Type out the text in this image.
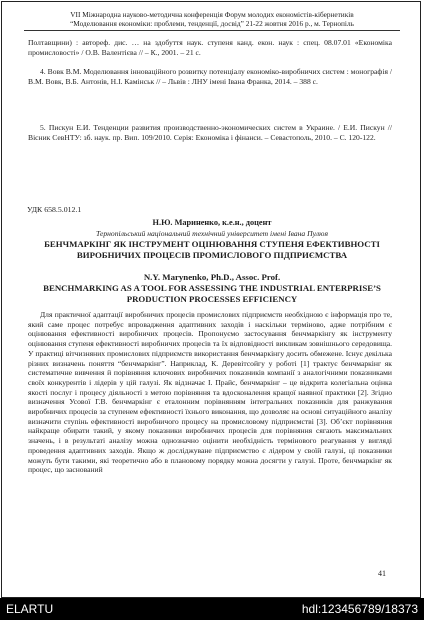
VII Міжнародна науково-методична конференція Форум молодих економістів-кібернетиків
“Моделювання економіки: проблеми, тенденції, досвід” 21-22 жовтня 2016 р., м. Тернопіль
Полтавщини) : автореф. дис. … на здобуття наук. ступеня канд. екон. наук : спец. 08.07.01 «Економіка промисловості» / О.В. Валентієва // – К., 2001. – 21 с.
4. Вовк В.М. Моделювання інноваційного розвитку потенціалу економіко-виробничих систем : монографія / В.М. Вовк, В.Б. Антонів, Н.І. Камінськ // – Львів : ЛНУ імені Івана Франка, 2014. – 388 с.
5. Пискун Е.И. Тенденции развития производственно-экономических систем в Украине. / Е.И. Пискун // Вісник СевНТУ: зб. наук. пр. Вип. 109/2010. Серія: Економіка і фінанси. – Севастополь, 2010. – С. 120-122.
УДК 658.5.012.1
Н.Ю. Мариненко, к.е.н., доцент
Тернопільський національний технічний університет імені Івана Пулюя
БЕНЧМАРКІНГ ЯК ІНСТРУМЕНТ ОЦІНЮВАННЯ СТУПЕНЯ ЕФЕКТИВНОСТІ ВИРОБНИЧИХ ПРОЦЕСІВ ПРОМИСЛОВОГО ПІДПРИЄМСТВА
N.Y. Marynenko, Ph.D., Assoc. Prof.
BENCHMARKING AS A TOOL FOR ASSESSING THE INDUSTRIAL ENTERPRISE’S PRODUCTION PROCESSES EFFICIENCY
Для практичної адаптації виробничих процесів промислових підприємств необхідною є інформація про те, який саме процес потребує впровадження адаптивних заходів і наскільки терміново, адже потрібним є оцінювання ефективності виробничих процесів. Пропонуємо застосування бенчмаркінгу як інструменту оцінювання ступеня ефективності виробничих процесів та їх відповідності викликам зовнішнього середовища. У практиці вітчизняних промислових підприємств використання бенчмаркінгу досить обмежене. Існує декілька різних визначень поняття “бенчмаркінг”. Наприклад, К. Деревітсойгу у роботі [1] трактує бенчмаркінг як систематичне вивчення й порівняння ключових виробничих показників компанії з аналогічними показниками своїх конкурентів і лідерів у цій галузі. Як відзначає І. Прайс, бенчмаркінг – це відкрита колегіальна оцінка якості послуг і процесу діяльності з метою порівняння та вдосконалення кращої наявної практики [2]. Згідно визначення Усової Г.В. бенчмаркінг є еталонним порівнянням інтегральних показників для ранжування виробничих процесів за ступенем ефективності їхнього виконання, що дозволяє на основі ситуаційного аналізу визначити ступінь ефективності виробничого процесу на промисловому підприємстві [3]. Об’єкт порівняння найкраще обирати такий, у якому показники виробничих процесів для порівняння сягають максимальних значень, і в результаті аналізу можна однозначно оцінити необхідність термінового реагування у вигляді проведення адаптивних заходів. Якщо ж досліджуване підприємство є лідером у своїй галузі, ці показники можуть бути такими, які теоретично або в плановому порядку можна досягти у галузі. Проте, бенчмаркінг як процес, що заснований
41
ELARTU	hdl:123456789/18373
